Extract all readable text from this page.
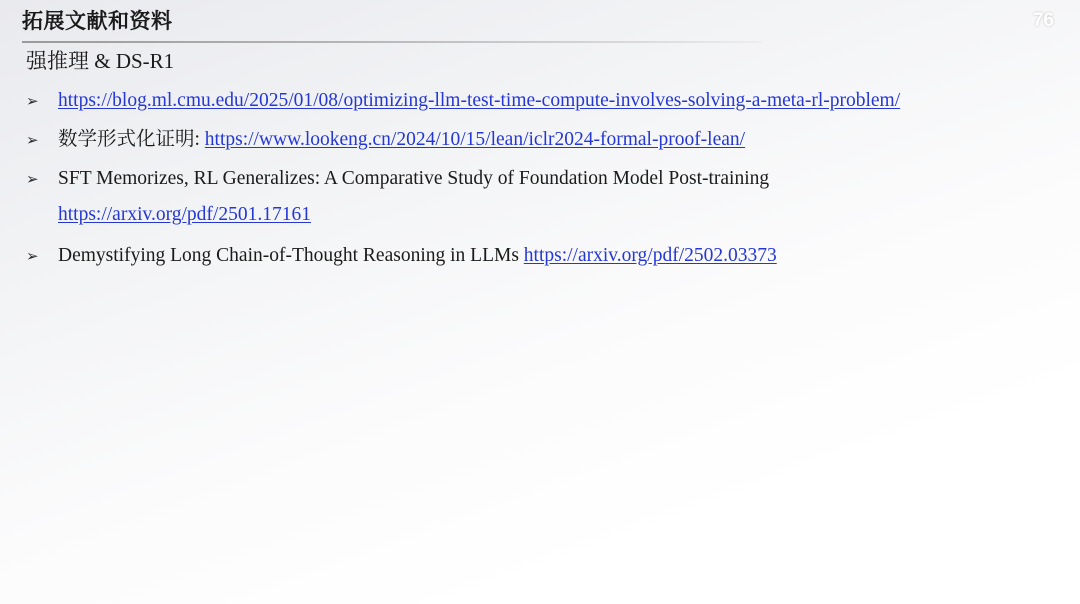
拓展文献和资料	76
强推理 & DS-R1
➢ https://blog.ml.cmu.edu/2025/01/08/optimizing-llm-test-time-compute-involves-solving-a-meta-rl-problem/
➢ 数学形式化证明: https://www.lookeng.cn/2024/10/15/lean/iclr2024-formal-proof-lean/
➢ SFT Memorizes, RL Generalizes: A Comparative Study of Foundation Model Post-training
https://arxiv.org/pdf/2501.17161
➢ Demystifying Long Chain-of-Thought Reasoning in LLMs https://arxiv.org/pdf/2502.03373
